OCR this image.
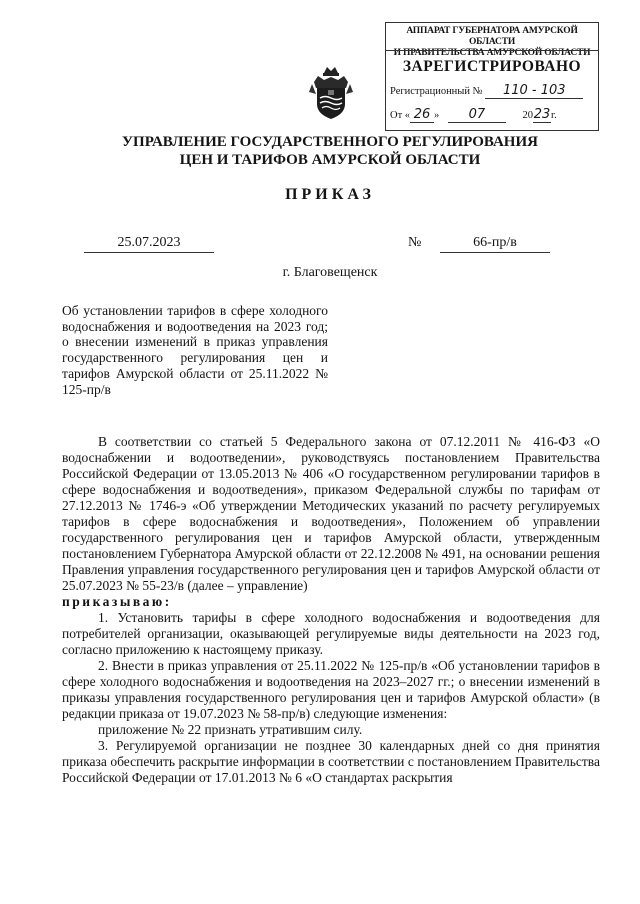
АППАРАТ ГУБЕРНАТОРА АМУРСКОЙ ОБЛАСТИ
И ПРАВИТЕЛЬСТВА АМУРСКОЙ ОБЛАСТИ
ЗАРЕГИСТРИРОВАНО
Регистрационный № 110 - 103
От « 26 » 07	2023г.
УПРАВЛЕНИЕ ГОСУДАРСТВЕННОГО РЕГУЛИРОВАНИЯ
ЦЕН И ТАРИФОВ АМУРСКОЙ ОБЛАСТИ
ПРИКАЗ
25.07.2023	№	66-пр/в
г. Благовещенск
Об установлении тарифов в сфере холодного водоснабжения и водоотведения на 2023 год; о внесении изменений в приказ управления государственного регулирования цен и тарифов Амурской области от 25.11.2022 № 125-пр/в

В соответствии со статьей 5 Федерального закона от 07.12.2011 № 416-ФЗ «О водоснабжении и водоотведении», руководствуясь постановлением Правительства Российской Федерации от 13.05.2013 № 406 «О государственном регулировании тарифов в сфере водоснабжения и водоотведения», приказом Федеральной службы по тарифам от 27.12.2013 № 1746-э «Об утверждении Методических указаний по расчету регулируемых тарифов в сфере водоснабжения и водоотведения», Положением об управлении государственного регулирования цен и тарифов Амурской области, утвержденным постановлением Губернатора Амурской области от 22.12.2008 № 491, на основании решения Правления управления государственного регулирования цен и тарифов Амурской области от 25.07.2023 № 55-23/в (далее – управление)

приказываю:

1. Установить тарифы в сфере холодного водоснабжения и водоотведения для потребителей организации, оказывающей регулируемые виды деятельности на 2023 год, согласно приложению к настоящему приказу.

2. Внести в приказ управления от 25.11.2022 № 125-пр/в «Об установлении тарифов в сфере холодного водоснабжения и водоотведения на 2023–2027 гг.; о внесении изменений в приказы управления государственного регулирования цен и тарифов Амурской области» (в редакции приказа от 19.07.2023 № 58-пр/в) следующие изменения:

приложение № 22 признать утратившим силу.

3. Регулируемой организации не позднее 30 календарных дней со дня принятия приказа обеспечить раскрытие информации в соответствии с постановлением Правительства Российской Федерации от 17.01.2013 № 6 «О стандартах раскрытия
